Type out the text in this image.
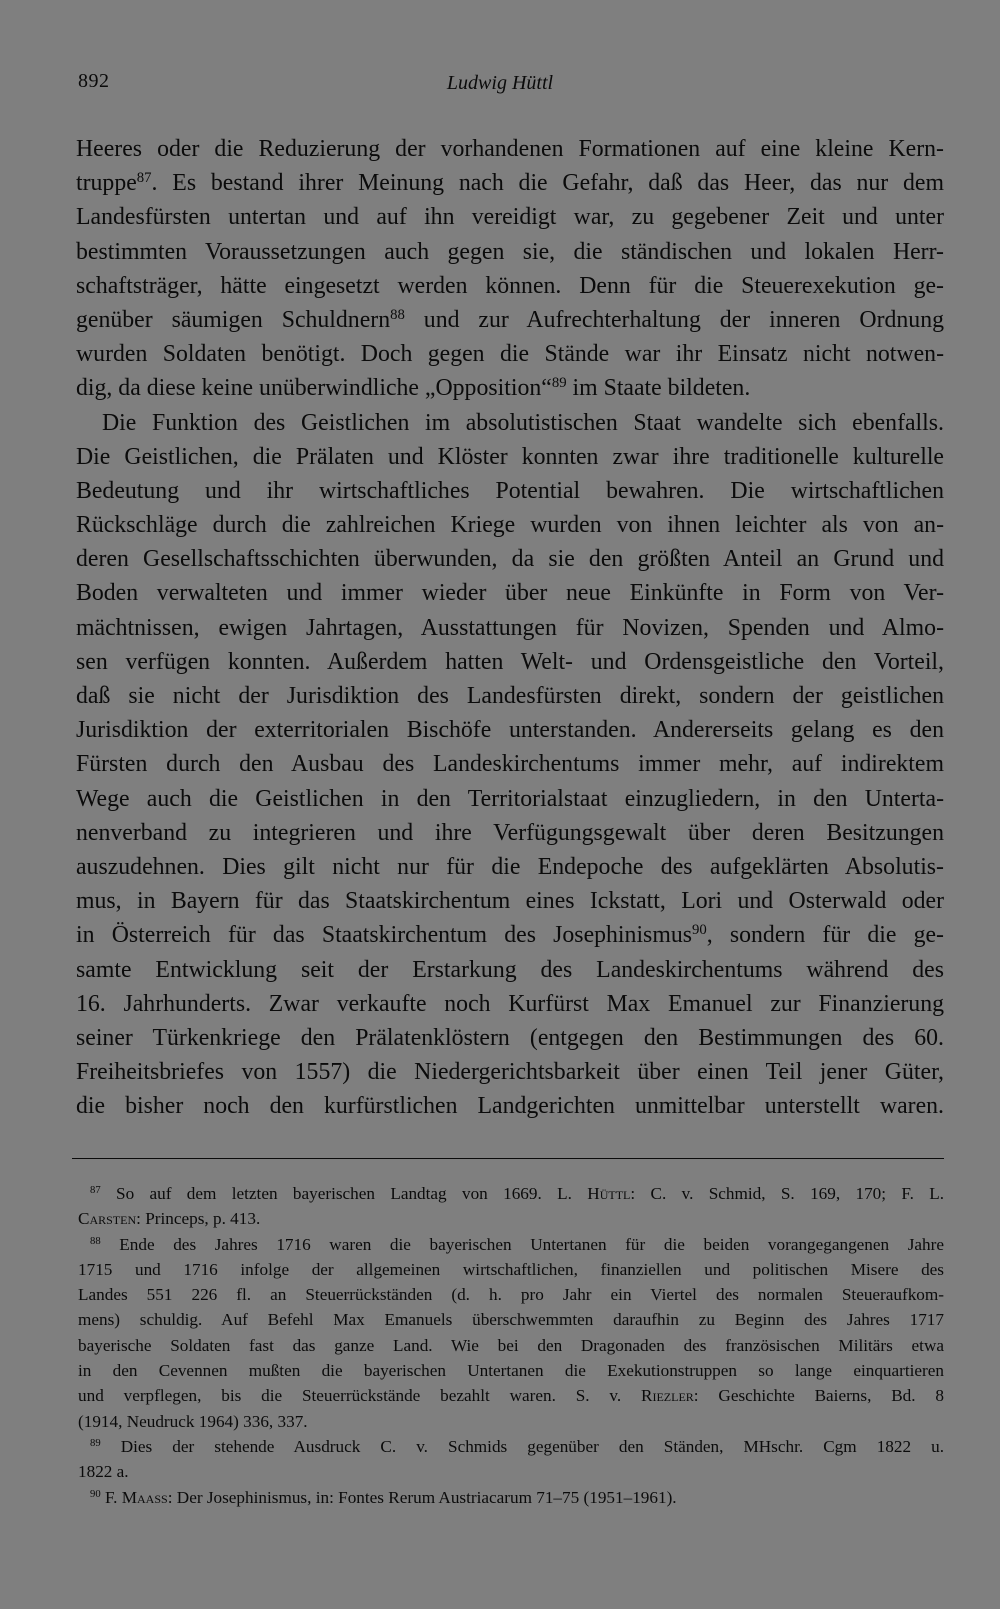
892	Ludwig Hüttl
Heeres oder die Reduzierung der vorhandenen Formationen auf eine kleine Kern-
truppe$^{87}$. Es bestand ihrer Meinung nach die Gefahr, daß das Heer, das nur dem
Landesfürsten untertan und auf ihn vereidigt war, zu gegebener Zeit und unter
bestimmten Voraussetzungen auch gegen sie, die ständischen und lokalen Herr-
schaftsträger, hätte eingesetzt werden können. Denn für die Steuerexekution ge-
genüber säumigen Schuldnern$^{88}$ und zur Aufrechterhaltung der inneren Ordnung
wurden Soldaten benötigt. Doch gegen die Stände war ihr Einsatz nicht notwen-
dig, da diese keine unüberwindliche „Opposition“$^{89}$ im Staate bildeten.
Die Funktion des Geistlichen im absolutistischen Staat wandelte sich ebenfalls.
Die Geistlichen, die Prälaten und Klöster konnten zwar ihre traditionelle kulturelle
Bedeutung und ihr wirtschaftliches Potential bewahren. Die wirtschaftlichen
Rückschläge durch die zahlreichen Kriege wurden von ihnen leichter als von an-
deren Gesellschaftsschichten überwunden, da sie den größten Anteil an Grund und
Boden verwalteten und immer wieder über neue Einkünfte in Form von Ver-
mächtnissen, ewigen Jahrtagen, Ausstattungen für Novizen, Spenden und Almo-
sen verfügen konnten. Außerdem hatten Welt- und Ordensgeistliche den Vorteil,
daß sie nicht der Jurisdiktion des Landesfürsten direkt, sondern der geistlichen
Jurisdiktion der exterritorialen Bischöfe unterstanden. Andererseits gelang es den
Fürsten durch den Ausbau des Landeskirchentums immer mehr, auf indirektem
Wege auch die Geistlichen in den Territorialstaat einzugliedern, in den Unterta-
nenverband zu integrieren und ihre Verfügungsgewalt über deren Besitzungen
auszudehnen. Dies gilt nicht nur für die Endepoche des aufgeklärten Absolutis-
mus, in Bayern für das Staatskirchentum eines Ickstatt, Lori und Osterwald oder
in Österreich für das Staatskirchentum des Josephinismus$^{90}$, sondern für die ge-
samte Entwicklung seit der Erstarkung des Landeskirchentums während des
16. Jahrhunderts. Zwar verkaufte noch Kurfürst Max Emanuel zur Finanzierung
seiner Türkenkriege den Prälatenklöstern (entgegen den Bestimmungen des 60.
Freiheitsbriefes von 1557) die Niedergerichtsbarkeit über einen Teil jener Güter,
die bisher noch den kurfürstlichen Landgerichten unmittelbar unterstellt waren.
$^{87}$ So auf dem letzten bayerischen Landtag von 1669. L. Hüttl: C. v. Schmid, S. 169, 170; F. L.
Carsten: Princeps, p. 413.
$^{88}$ Ende des Jahres 1716 waren die bayerischen Untertanen für die beiden vorangegangenen Jahre
1715 und 1716 infolge der allgemeinen wirtschaftlichen, finanziellen und politischen Misere des
Landes 551 226 fl. an Steuerrückständen (d. h. pro Jahr ein Viertel des normalen Steueraufkom-
mens) schuldig. Auf Befehl Max Emanuels überschwemmten daraufhin zu Beginn des Jahres 1717
bayerische Soldaten fast das ganze Land. Wie bei den Dragonaden des französischen Militärs etwa
in den Cevennen mußten die bayerischen Untertanen die Exekutionstruppen so lange einquartieren
und verpflegen, bis die Steuerrückstände bezahlt waren. S. v. Riezler: Geschichte Baierns, Bd. 8
(1914, Neudruck 1964) 336, 337.
$^{89}$ Dies der stehende Ausdruck C. v. Schmids gegenüber den Ständen, MHschr. Cgm 1822 u.
1822 a.
$^{90}$ F. Maass: Der Josephinismus, in: Fontes Rerum Austriacarum 71–75 (1951–1961).
